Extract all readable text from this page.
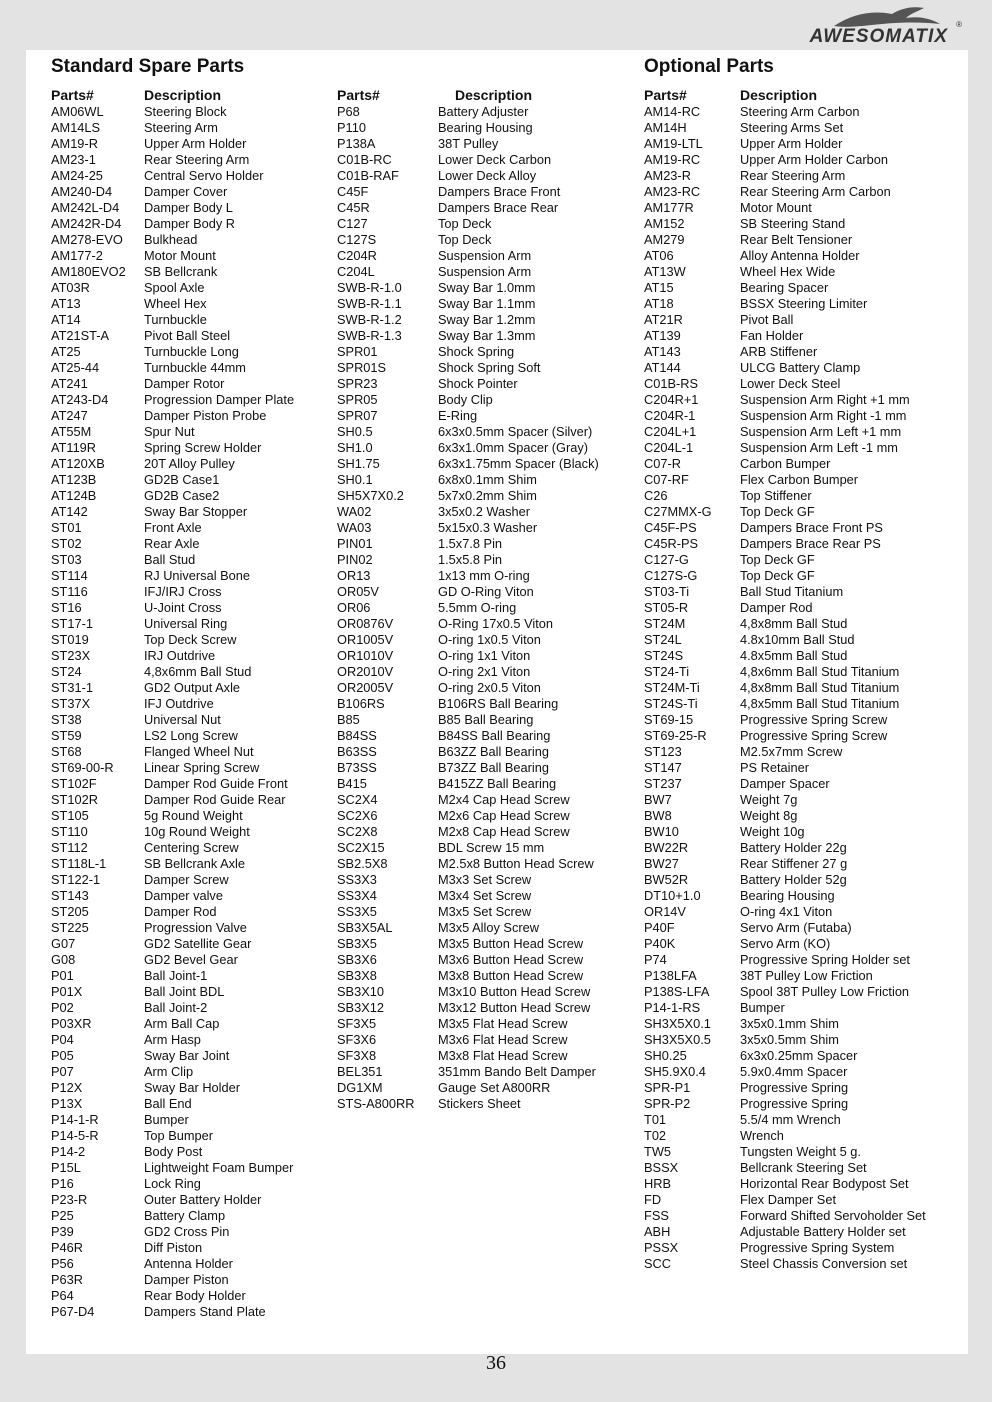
AWESOMATIX
®
Standard Spare Parts	Optional Parts
Parts#	Description
AM06WL	Steering Block
AM14LS	Steering Arm
AM19-R	Upper Arm Holder
AM23-1	Rear Steering Arm
AM24-25	Central Servo Holder
AM240-D4	Damper Cover
AM242L-D4	Damper Body L
AM242R-D4	Damper Body R
AM278-EVO	Bulkhead
AM177-2	Motor Mount
AM180EVO2	SB Bellcrank
AT03R	Spool Axle
AT13	Wheel Hex
AT14	Turnbuckle
AT21ST-A	Pivot Ball Steel
AT25	Turnbuckle Long
AT25-44	Turnbuckle 44mm
AT241	Damper Rotor
AT243-D4	Progression Damper Plate
AT247	Damper Piston Probe
AT55M	Spur Nut
AT119R	Spring Screw Holder
AT120XB	20T Alloy Pulley
AT123B	GD2B Case1
AT124B	GD2B Case2
AT142	Sway Bar Stopper
ST01	Front Axle
ST02	Rear Axle
ST03	Ball Stud
ST114	RJ Universal Bone
ST116	IFJ/IRJ Cross
ST16	U-Joint Cross
ST17-1	Universal Ring
ST019	Top Deck Screw
ST23X	IRJ Outdrive
ST24	4,8x6mm Ball Stud
ST31-1	GD2 Output Axle
ST37X	IFJ Outdrive
ST38	Universal Nut
ST59	LS2 Long Screw
ST68	Flanged Wheel Nut
ST69-00-R	Linear Spring Screw
ST102F	Damper Rod Guide Front
ST102R	Damper Rod Guide Rear
ST105	5g Round Weight
ST110	10g Round Weight
ST112	Centering Screw
ST118L-1	SB Bellcrank Axle
ST122-1	Damper Screw
ST143	Damper valve
ST205	Damper Rod
ST225	Progression Valve
G07	GD2 Satellite Gear
G08	GD2 Bevel Gear
P01	Ball Joint-1
P01X	Ball Joint BDL
P02	Ball Joint-2
P03XR	Arm Ball Cap
P04	Arm Hasp
P05	Sway Bar Joint
P07	Arm Clip
P12X	Sway Bar Holder
P13X	Ball End
P14-1-R	Bumper
P14-5-R	Top Bumper
P14-2	Body Post
P15L	Lightweight Foam Bumper
P16	Lock Ring
P23-R	Outer Battery Holder
P25	Battery Clamp
P39	GD2 Cross Pin
P46R	Diff Piston
P56	Antenna Holder
P63R	Damper Piston
P64	Rear Body Holder
P67-D4	Dampers Stand Plate
Parts#	Description
P68	Battery Adjuster
P110	Bearing Housing
P138A	38T Pulley
C01B-RC	Lower Deck Carbon
C01B-RAF	Lower Deck Alloy
C45F	Dampers Brace Front
C45R	Dampers Brace Rear
C127	Top Deck
C127S	Top Deck
C204R	Suspension Arm
C204L	Suspension Arm
SWB-R-1.0	Sway Bar 1.0mm
SWB-R-1.1	Sway Bar 1.1mm
SWB-R-1.2	Sway Bar 1.2mm
SWB-R-1.3	Sway Bar 1.3mm
SPR01	Shock Spring
SPR01S	Shock Spring Soft
SPR23	Shock Pointer
SPR05	Body Clip
SPR07	E-Ring
SH0.5	6x3x0.5mm Spacer (Silver)
SH1.0	6x3x1.0mm Spacer (Gray)
SH1.75	6x3x1.75mm Spacer (Black)
SH0.1	6x8x0.1mm Shim
SH5X7X0.2	5x7x0.2mm Shim
WA02	3x5x0.2 Washer
WA03	5x15x0.3 Washer
PIN01	1.5x7.8 Pin
PIN02	1.5x5.8 Pin
OR13	1x13 mm O-ring
OR05V	GD O-Ring Viton
OR06	5.5mm O-ring
OR0876V	O-Ring 17x0.5 Viton
OR1005V	O-ring 1x0.5 Viton
OR1010V	O-ring 1x1 Viton
OR2010V	O-ring 2x1 Viton
OR2005V	O-ring 2x0.5 Viton
B106RS	B106RS Ball Bearing
B85	B85 Ball Bearing
B84SS	B84SS Ball Bearing
B63SS	B63ZZ Ball Bearing
B73SS	B73ZZ Ball Bearing
B415	B415ZZ Ball Bearing
SC2X4	M2x4 Cap Head Screw
SC2X6	M2x6 Cap Head Screw
SC2X8	M2x8 Cap Head Screw
SC2X15	BDL Screw 15 mm
SB2.5X8	M2.5x8 Button Head Screw
SS3X3	M3x3 Set Screw
SS3X4	M3x4 Set Screw
SS3X5	M3x5 Set Screw
SB3X5AL	M3x5 Alloy Screw
SB3X5	M3x5 Button Head Screw
SB3X6	M3x6 Button Head Screw
SB3X8	M3x8 Button Head Screw
SB3X10	M3x10 Button Head Screw
SB3X12	M3x12 Button Head Screw
SF3X5	M3x5 Flat Head Screw
SF3X6	M3x6 Flat Head Screw
SF3X8	M3x8 Flat Head Screw
BEL351	351mm Bando Belt Damper
DG1XM	Gauge Set A800RR
STS-A800RR	Stickers Sheet
Parts#	Description
AM14-RC	Steering Arm Carbon
AM14H	Steering Arms Set
AM19-LTL	Upper Arm Holder
AM19-RC	Upper Arm Holder Carbon
AM23-R	Rear Steering Arm
AM23-RC	Rear Steering Arm Carbon
AM177R	Motor Mount
AM152	SB Steering Stand
AM279	Rear Belt Tensioner
AT06	Alloy Antenna Holder
AT13W	Wheel Hex Wide
AT15	Bearing Spacer
AT18	BSSX Steering Limiter
AT21R	Pivot Ball
AT139	Fan Holder
AT143	ARB Stiffener
AT144	ULCG Battery Clamp
C01B-RS	Lower Deck Steel
C204R+1	Suspension Arm Right +1 mm
C204R-1	Suspension Arm Right -1 mm
C204L+1	Suspension Arm Left +1 mm
C204L-1	Suspension Arm Left -1 mm
C07-R	Carbon Bumper
C07-RF	Flex Carbon Bumper
C26	Top Stiffener
C27MMX-G	Top Deck GF
C45F-PS	Dampers Brace Front PS
C45R-PS	Dampers Brace Rear PS
C127-G	Top Deck GF
C127S-G	Top Deck GF
ST03-Ti	Ball Stud Titanium
ST05-R	Damper Rod
ST24M	4,8x8mm Ball Stud
ST24L	4.8x10mm Ball Stud
ST24S	4.8x5mm Ball Stud
ST24-Ti	4,8x6mm Ball Stud Titanium
ST24M-Ti	4,8x8mm Ball Stud Titanium
ST24S-Ti	4,8x5mm Ball Stud Titanium
ST69-15	Progressive Spring Screw
ST69-25-R	Progressive Spring Screw
ST123	M2.5x7mm Screw
ST147	PS Retainer
ST237	Damper Spacer
BW7	Weight 7g
BW8	Weight 8g
BW10	Weight 10g
BW22R	Battery Holder 22g
BW27	Rear Stiffener 27 g
BW52R	Battery Holder 52g
DT10+1.0	Bearing Housing
OR14V	O-ring 4x1 Viton
P40F	Servo Arm (Futaba)
P40K	Servo Arm (KO)
P74	Progressive Spring Holder set
P138LFA	38T Pulley Low Friction
P138S-LFA	Spool 38T Pulley Low Friction
P14-1-RS	Bumper
SH3X5X0.1	3x5x0.1mm Shim
SH3X5X0.5	3x5x0.5mm Shim
SH0.25	6x3x0.25mm Spacer
SH5.9X0.4	5.9x0.4mm Spacer
SPR-P1	Progressive Spring
SPR-P2	Progressive Spring
T01	5.5/4 mm Wrench
T02	Wrench
TW5	Tungsten Weight 5 g.
BSSX	Bellcrank Steering Set
HRB	Horizontal Rear Bodypost Set
FD	Flex Damper Set
FSS	Forward Shifted Servoholder Set
ABH	Adjustable Battery Holder set
PSSX	Progressive Spring System
SCC	Steel Chassis Conversion set
36
